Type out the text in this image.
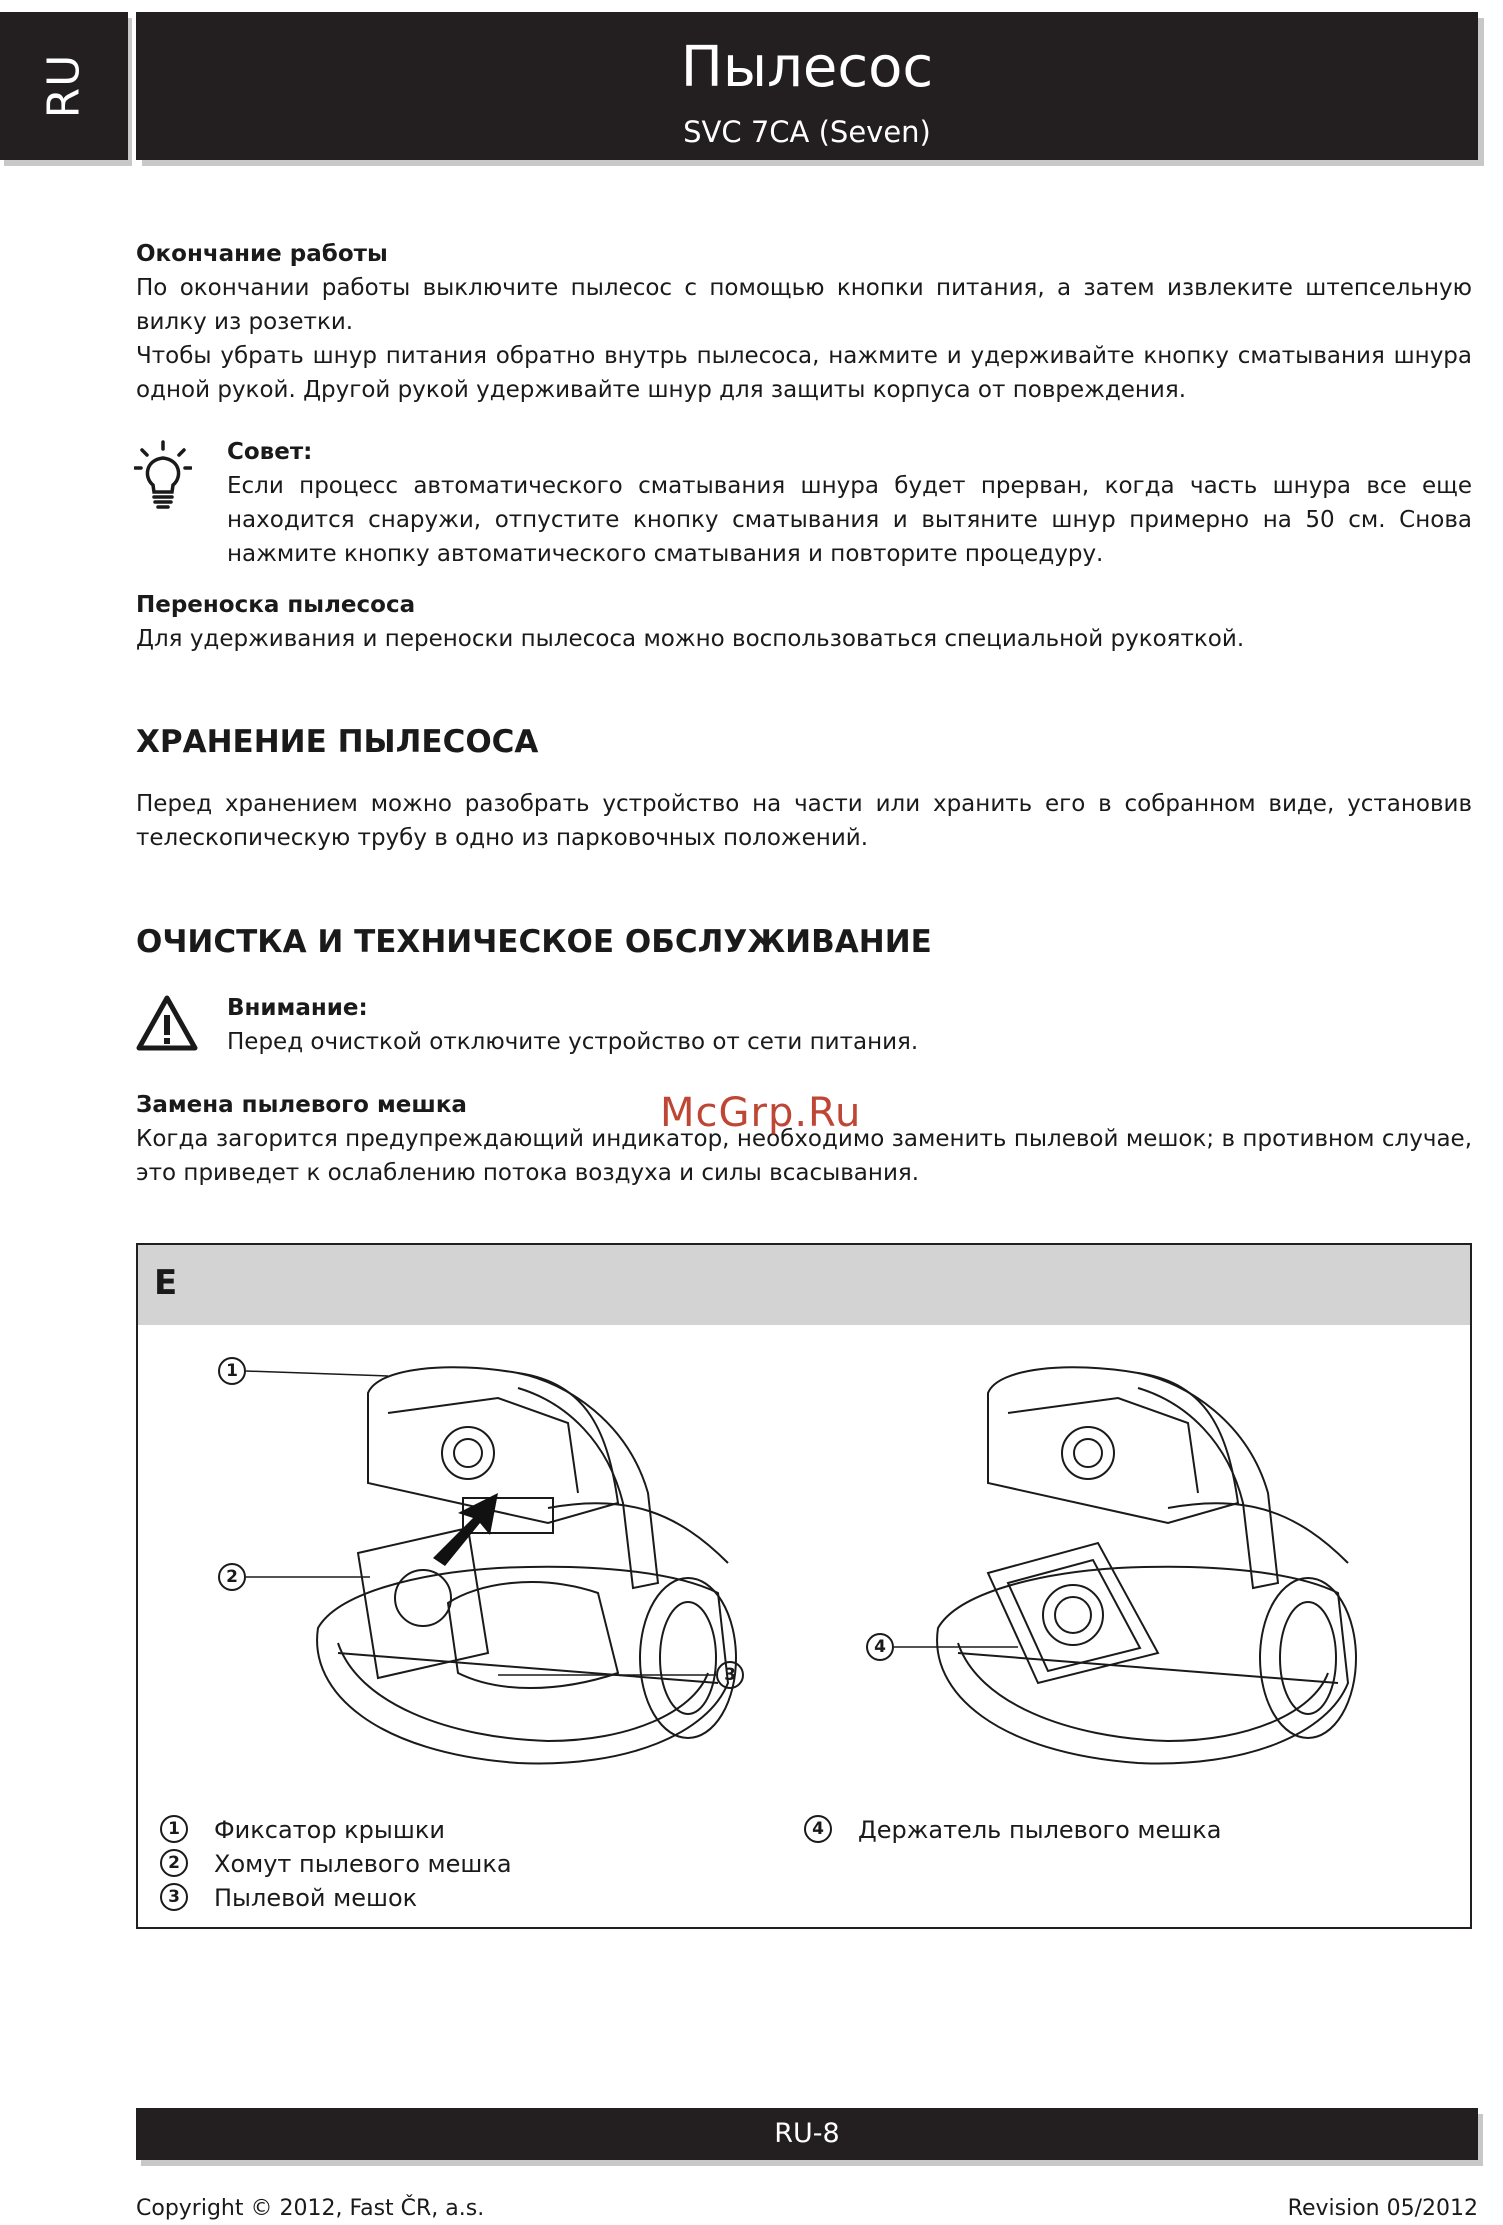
RU	Пылесос
SVC 7CA (Seven)

Окончание работы

По окончании работы выключите пылесос с помощью кнопки питания, а затем извлеките штепсельную вилку из розетки.

Чтобы убрать шнур питания обратно внутрь пылесоса, нажмите и удерживайте кнопку сматывания шнура одной рукой. Другой рукой удерживайте шнур для защиты корпуса от повреждения.

Совет:

Если процесс автоматического сматывания шнура будет прерван, когда часть шнура все еще находится снаружи, отпустите кнопку сматывания и вытяните шнур примерно на 50 см. Снова нажмите кнопку автоматического сматывания и повторите процедуру.

Переноска пылесоса

Для удерживания и переноски пылесоса можно воспользоваться специальной рукояткой.

ХРАНЕНИЕ ПЫЛЕСОСА

Перед хранением можно разобрать устройство на части или хранить его в собранном виде, установив телескопическую трубу в одно из парковочных положений.

ОЧИСТКА И ТЕХНИЧЕСКОЕ ОБСЛУЖИВАНИЕ

Внимание:

Перед очисткой отключите устройство от сети питания.

Замена пылевого мешка

Когда загорится предупреждающий индикатор, необходимо заменить пылевой мешок; в противном случае, это приведет к ослаблению потока воздуха и силы всасывания.

McGrp.Ru
E
1
2
3
4
1 Фиксатор крышки
2 Хомут пылевого мешка
3 Пылевой мешок
4 Держатель пылевого мешка
RU-8
Copyright © 2012, Fast ČR, a.s.	Revision 05/2012
